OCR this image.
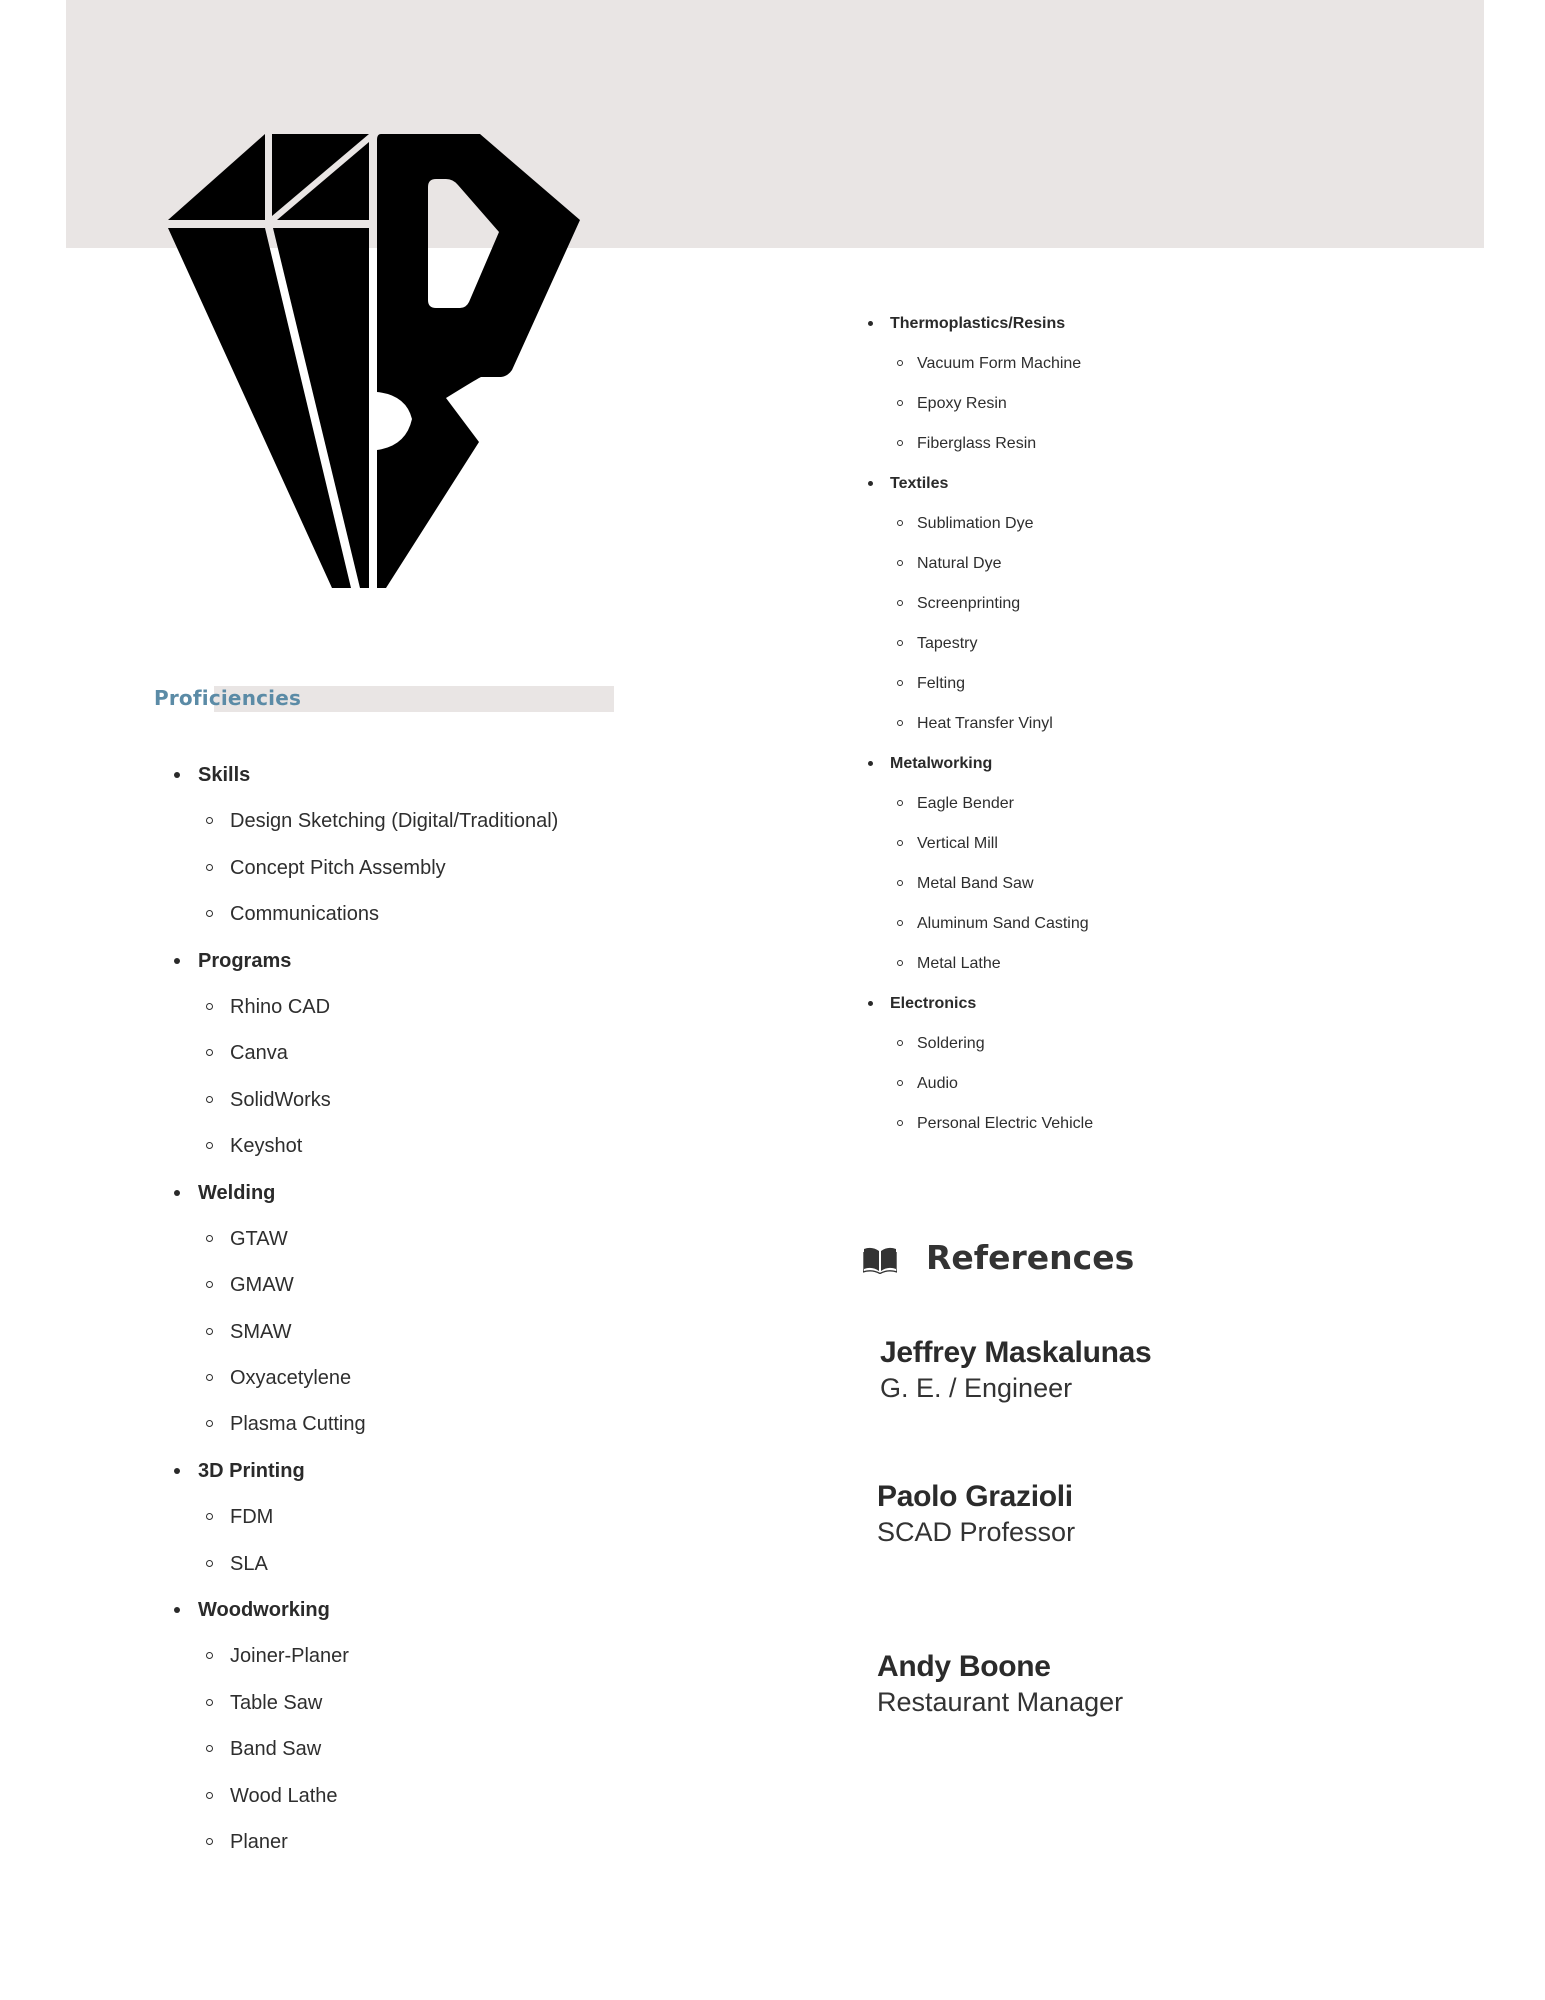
Proficiencies
Skills
Design Sketching (Digital/Traditional)
Concept Pitch Assembly
Communications
Programs
Rhino CAD
Canva
SolidWorks
Keyshot
Welding
GTAW
GMAW
SMAW
Oxyacetylene
Plasma Cutting
3D Printing
FDM
SLA
Woodworking
Joiner-Planer
Table Saw
Band Saw
Wood Lathe
Planer
Thermoplastics/Resins
Vacuum Form Machine
Epoxy Resin
Fiberglass Resin
Textiles
Sublimation Dye
Natural Dye
Screenprinting
Tapestry
Felting
Heat Transfer Vinyl
Metalworking
Eagle Bender
Vertical Mill
Metal Band Saw
Aluminum Sand Casting
Metal Lathe
Electronics
Soldering
Audio
Personal Electric Vehicle
References
Jeffrey Maskalunas
G. E. / Engineer
Paolo Grazioli
SCAD Professor
Andy Boone
Restaurant Manager
